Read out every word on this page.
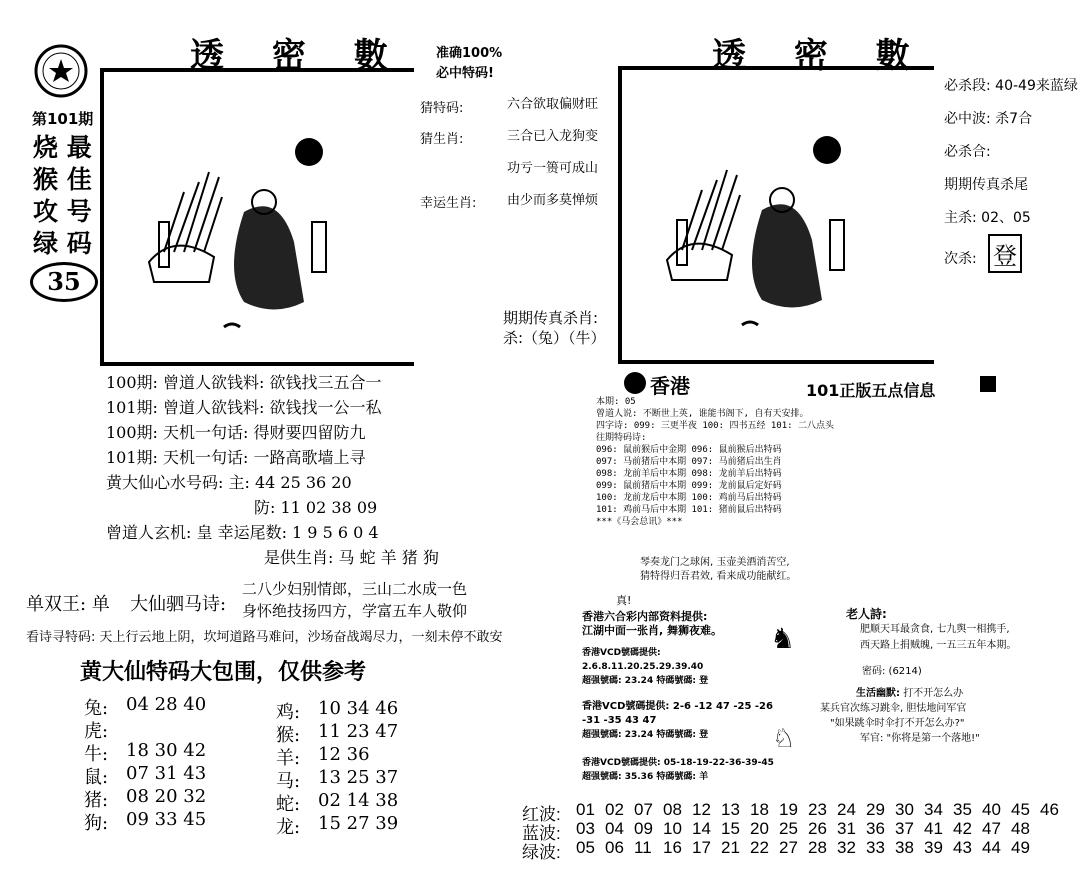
透 密 數
第101期
烧 最
猴 佳
攻 号
绿 码
35
准确100%
必中特码!
猜特码:
猜生肖:
幸运生肖:
六合欲取偏财旺
三合已入龙狗变
功亏一篑可成山
由少而多莫惮烦
期期传真杀肖:
杀:（兔）（牛）
100期: 曾道人欲钱料: 欲钱找三五合一
101期: 曾道人欲钱料: 欲钱找一公一私
100期: 天机一句话: 得财要四留防九
101期: 天机一句话: 一路高歌墙上寻
黄大仙心水号码: 主: 44 25 36 20
防: 11 02 38 09
曾道人玄机: 皇 幸运尾数: 1 9 5 6 0 4
是供生肖: 马 蛇 羊 猪 狗
单双王: 单 大仙驷马诗:
二八少妇别情郎，三山二水成一色
身怀绝技扬四方，学富五车人敬仰
看诗寻特码: 天上行云地上阴，坎坷道路马难问，沙场奋战竭尽力，一刻未停不敢安
黄大仙特码大包围，仅供参考
兔: 04 28 40
虎:
牛: 18 30 42
鼠: 07 31 43
猪: 08 20 32
狗: 09 33 45
鸡: 10 34 46
猴: 11 23 47
羊: 12 36
马: 13 25 37
蛇: 02 14 38
龙: 15 27 39
透 密 數
必杀段: 40-49来蓝绿
必中波: 杀7合
必杀合:
期期传真杀尾
主杀: 02、05
次杀: 登
香港	101正版五点信息
本期: 05
曾道人说: 不断世上英, 谁能书阁下, 自有天安排。
四字诗: 099: 三更半夜 100: 四书五经 101: 二八点头
往期特码诗:
096: 鼠前猴后中金期 096: 鼠前猴后出特码
097: 马前猪后中本期 097: 马前猪后出生肖
098: 龙前羊后中本期 098: 龙前羊后出特码
099: 鼠前猪后中本期 099: 龙前鼠后定好码
100: 龙前龙后中本期 100: 鸡前马后出特码
101: 鸡前马后中本期 101: 猪前鼠后出特码
***《马会总讯》***
琴奏龙门之球闲, 玉壶美酒消苦空,
猜特得归吾君效, 看来成功能献红。
真!
香港六合彩内部资料提供:
江湖中面一张肖, 舞狮夜难。
香港VCD號碼提供: 2.6.8.11.20.25.29.39.40
超强號碼: 23.24 特碼號碼: 登
香港VCD號碼提供: 2-6 -12 47 -25 -26 -31 -35 43 47
超强號碼: 23.24 特碼號碼: 登
香港VCD號碼提供: 05-18-19-22-36-39-45
超强號碼: 35.36 特碼號碼: 羊
♞
♘
老人詩:
肥顺天耳最贪食, 七九舆一相携手,
西天路上捐贼魄, 一五三五年本期。
密码: (6214)
生活幽默: 打不开怎么办
某兵官次练习跳伞, 胆怯地问军官
"如果跳伞时伞打不开怎么办?"
军官: "你将是第一个落地!"
红波: 01 02 07 08 12 13 18 19 23 24 29 30 34 35 40 45 46
蓝波: 03 04 09 10 14 15 20 25 26 31 36 37 41 42 47 48
绿波: 05 06 11 16 17 21 22 27 28 32 33 38 39 43 44 49
